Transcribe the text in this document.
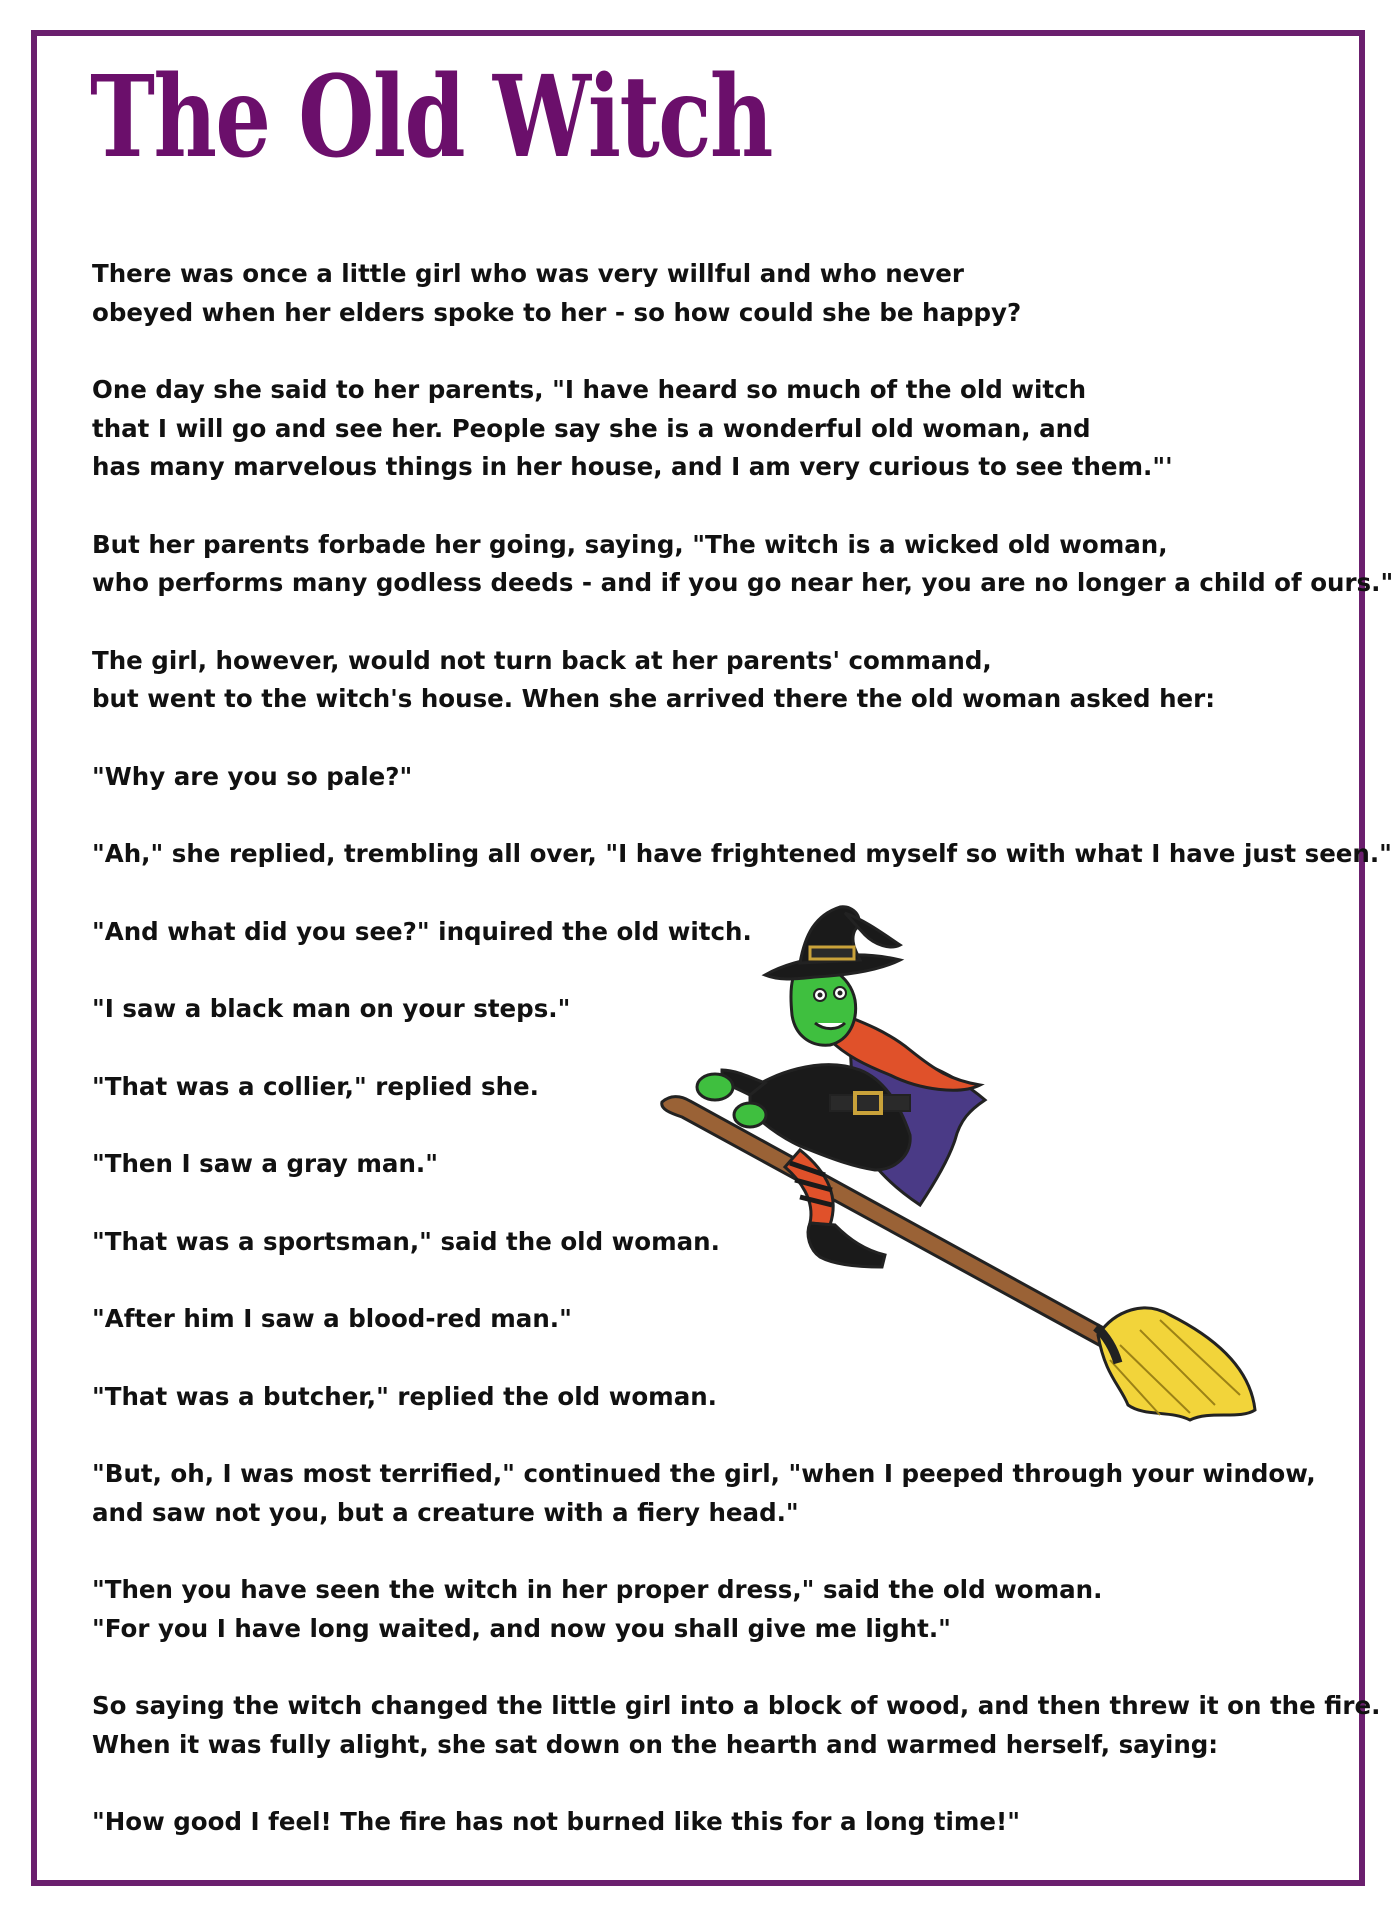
The Old Witch

There was once a little girl who was very willful and who never
obeyed when her elders spoke to her - so how could she be happy?

One day she said to her parents, "I have heard so much of the old witch
that I will go and see her. People say she is a wonderful old woman, and
has many marvelous things in her house, and I am very curious to see them."'

But her parents forbade her going, saying, "The witch is a wicked old woman,
who performs many godless deeds - and if you go near her, you are no longer a child of ours."

The girl, however, would not turn back at her parents' command,
but went to the witch's house. When she arrived there the old woman asked her:

"Why are you so pale?"

"Ah," she replied, trembling all over, "I have frightened myself so with what I have just seen."

"And what did you see?" inquired the old witch.

"I saw a black man on your steps."

"That was a collier," replied she.

"Then I saw a gray man."

"That was a sportsman," said the old woman.

"After him I saw a blood-red man."

"That was a butcher," replied the old woman.

"But, oh, I was most terrified," continued the girl, "when I peeped through your window,
and saw not you, but a creature with a fiery head."

"Then you have seen the witch in her proper dress," said the old woman.
"For you I have long waited, and now you shall give me light."

So saying the witch changed the little girl into a block of wood, and then threw it on the fire.
When it was fully alight, she sat down on the hearth and warmed herself, saying:

"How good I feel! The fire has not burned like this for a long time!"
